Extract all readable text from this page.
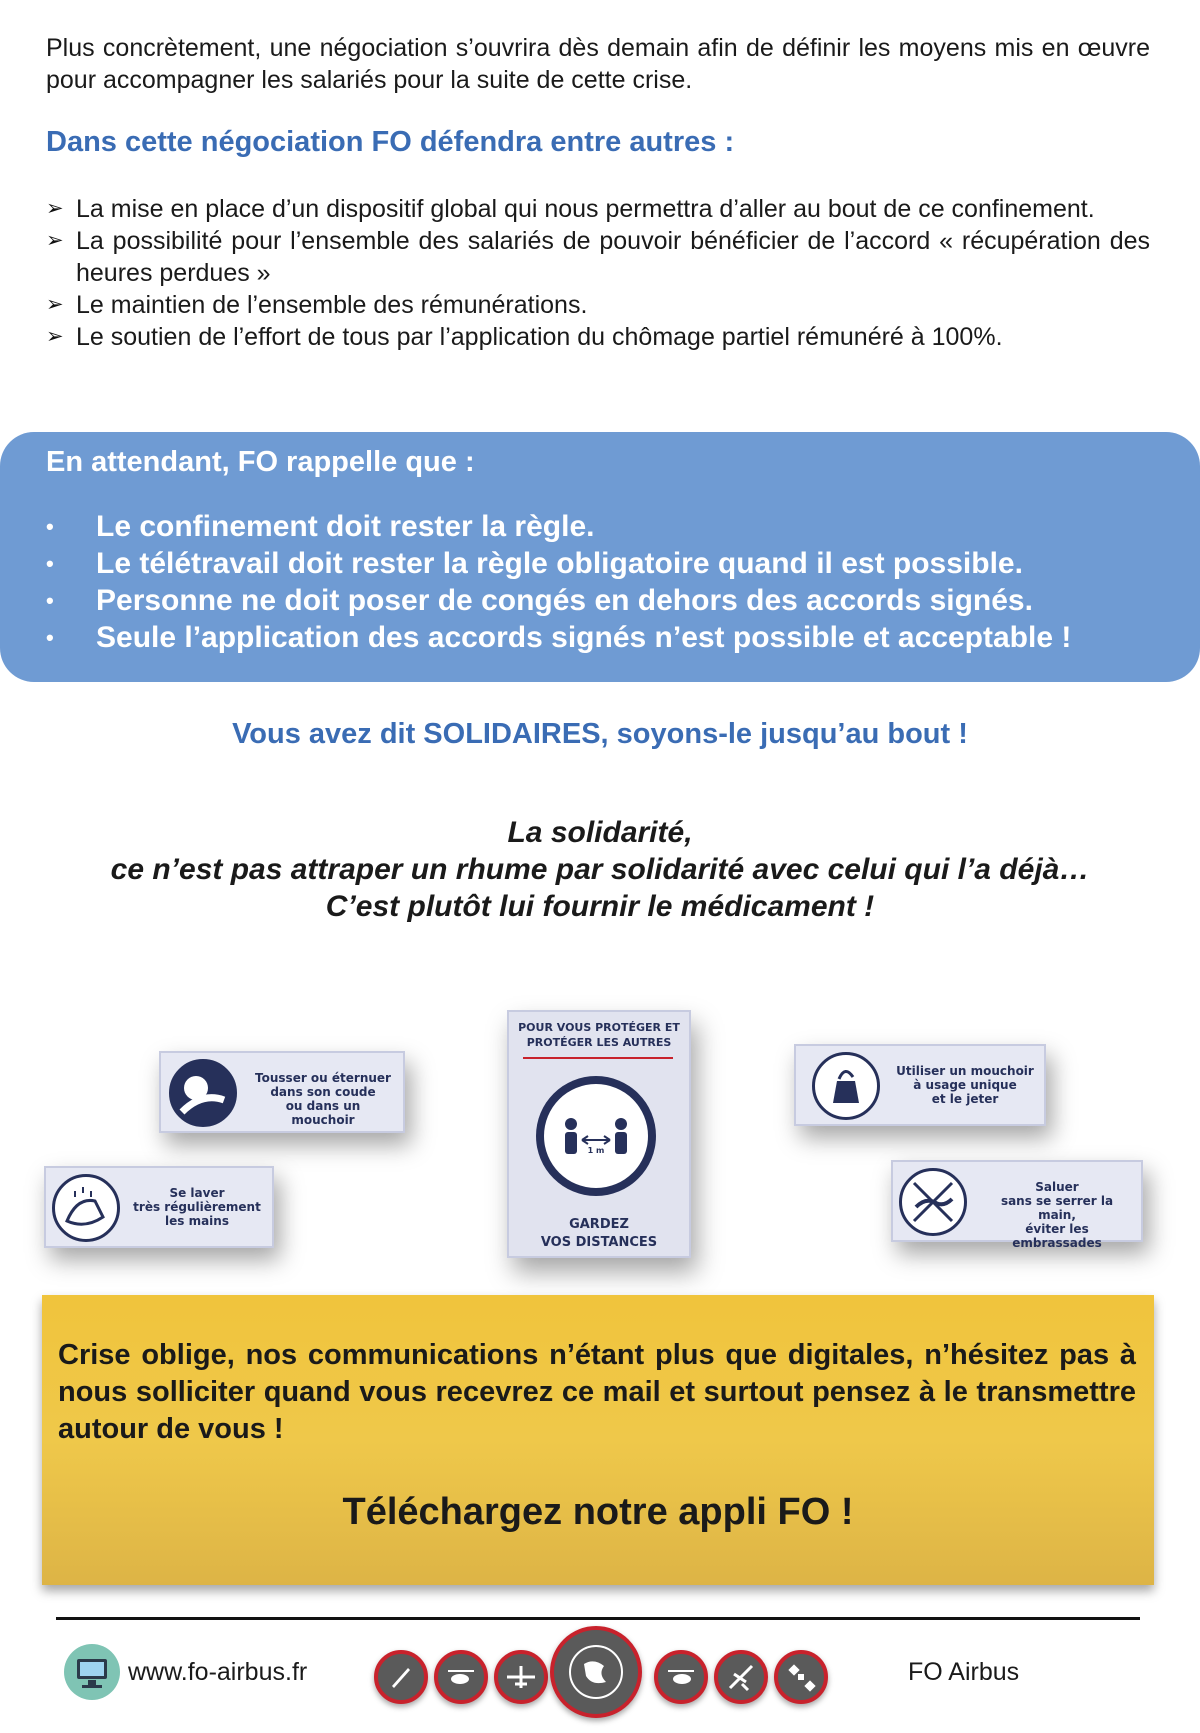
Plus concrètement, une négociation s’ouvrira dès demain afin de définir les moyens mis en œuvre pour accompagner les salariés pour la suite de cette crise.

Dans cette négociation FO défendra entre autres :
➢ La mise en place d’un dispositif global qui nous permettra d’aller au bout de ce confinement.
➢ La possibilité pour l’ensemble des salariés de pouvoir bénéficier de l’accord « récupération des heures perdues »
➢ Le maintien de l’ensemble des rémunérations.
➢ Le soutien de l’effort de tous par l’application du chômage partiel rémunéré à 100%.
En attendant, FO rappelle que :
• Le confinement doit rester la règle.
• Le télétravail doit rester la règle obligatoire quand il est possible.
• Personne ne doit poser de congés en dehors des accords signés.
• Seule l’application des accords signés n’est possible et acceptable !

Vous avez dit SOLIDAIRES, soyons-le jusqu’au bout !

La solidarité,
ce n’est pas attraper un rhume par solidarité avec celui qui l’a déjà…
C’est plutôt lui fournir le médicament !
Tousser ou éternuer
dans son coude
ou dans un mouchoir
Se laver
très régulièrement
les mains
POUR VOUS PROTÉGER ET
PROTÉGER LES AUTRES
1 m
GARDEZ
VOS DISTANCES
Utiliser un mouchoir
à usage unique
et le jeter
Saluer
sans se serrer la main,
éviter les embrassades

Crise oblige, nos communications n’étant plus que digitales, n’hésitez pas à nous solliciter quand vous recevrez ce mail et surtout pensez à le transmettre autour de vous !

Téléchargez notre appli FO !

www.fo-airbus.fr	FO Airbus
